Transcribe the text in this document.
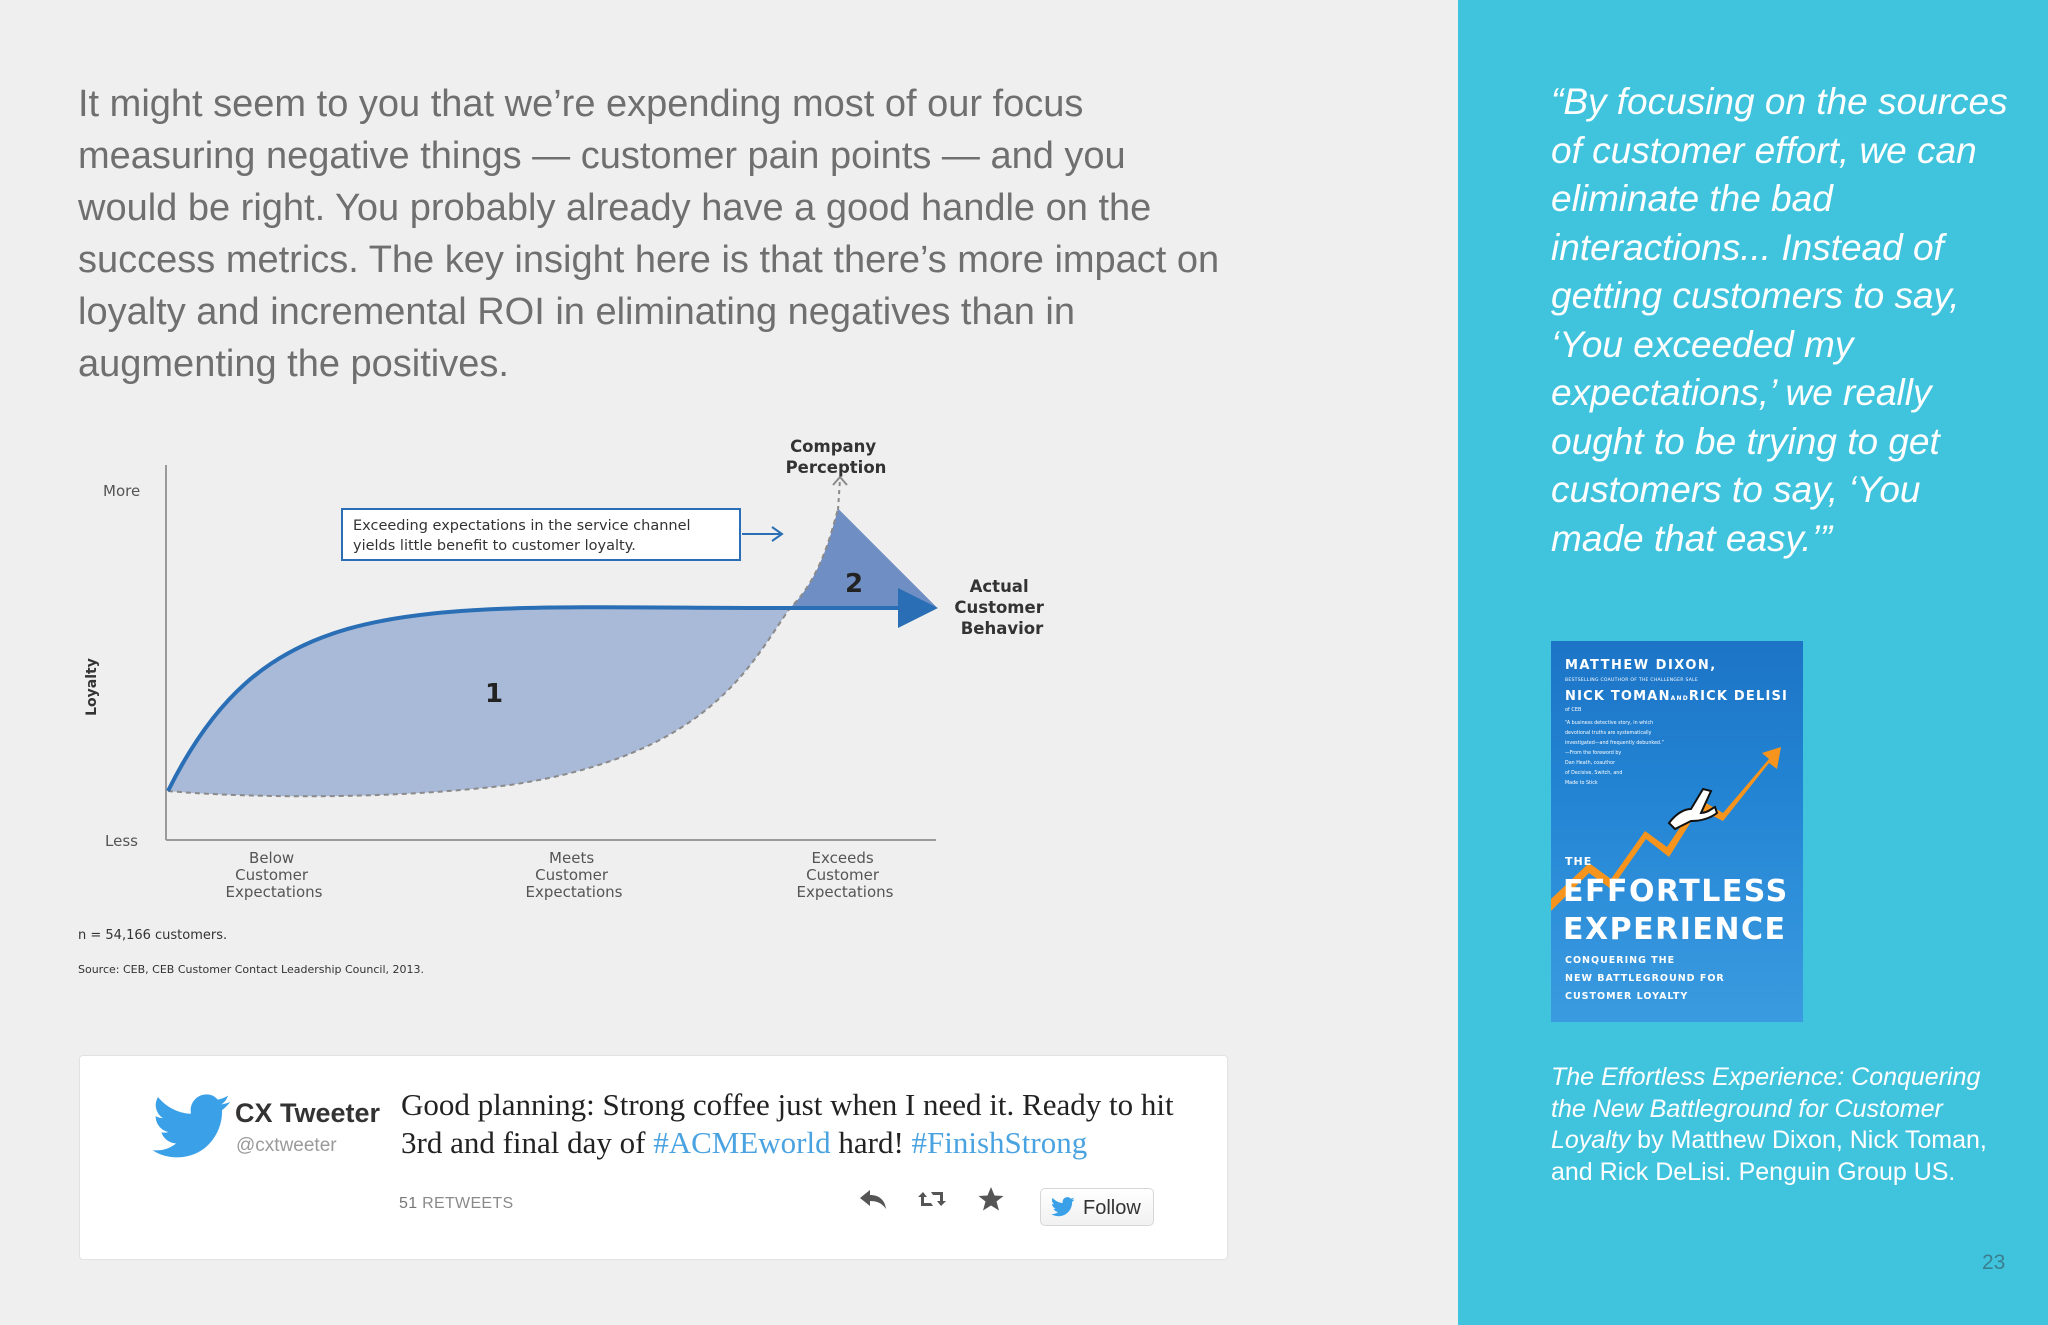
It might seem to you that we’re expending most of our focus measuring negative things — customer pain points — and you would be right. You probably already have a good handle on the success metrics. The key insight here is that there’s more impact on loyalty and incremental ROI in eliminating negatives than in augmenting the positives.

1
2
Exceeding expectations in the service channel
yields little benefit to customer loyalty.
More
Less
Loyalty
Company Perception
Actual Customer Behavior
Below Customer Expectations
Meets Customer Expectations
Exceeds Customer Expectations
n = 54,166 customers.
Source: CEB, CEB Customer Contact Leadership Council, 2013.
CX Tweeter
@cxtweeter

Good planning: Strong coffee just when I need it. Ready to hit 3rd and final day of #ACMEworld hard! #FinishStrong

51 RETWEETS	Follow

“By focusing on the sources of customer effort, we can eliminate the bad interactions... Instead of getting customers to say, ‘You exceeded my expectations,’ we really ought to be trying to get customers to say, ‘You made that easy.’”

MATTHEW DIXON,
BESTSELLING COAUTHOR OF THE CHALLENGER SALE
NICK TOMANANDRICK DELISI
of CEB
“A business detective story, in which devotional truths are systematically investigated—and frequently debunked.” —From the foreword by Dan Heath, coauthor of Decisive, Switch, and Made to Stick
THE
EFFORTLESS
EXPERIENCE
CONQUERING THE NEW BATTLEGROUND FOR CUSTOMER LOYALTY

The Effortless Experience: Conquering the New Battleground for Customer Loyalty by Matthew Dixon, Nick Toman, and Rick DeLisi. Penguin Group US.

23
